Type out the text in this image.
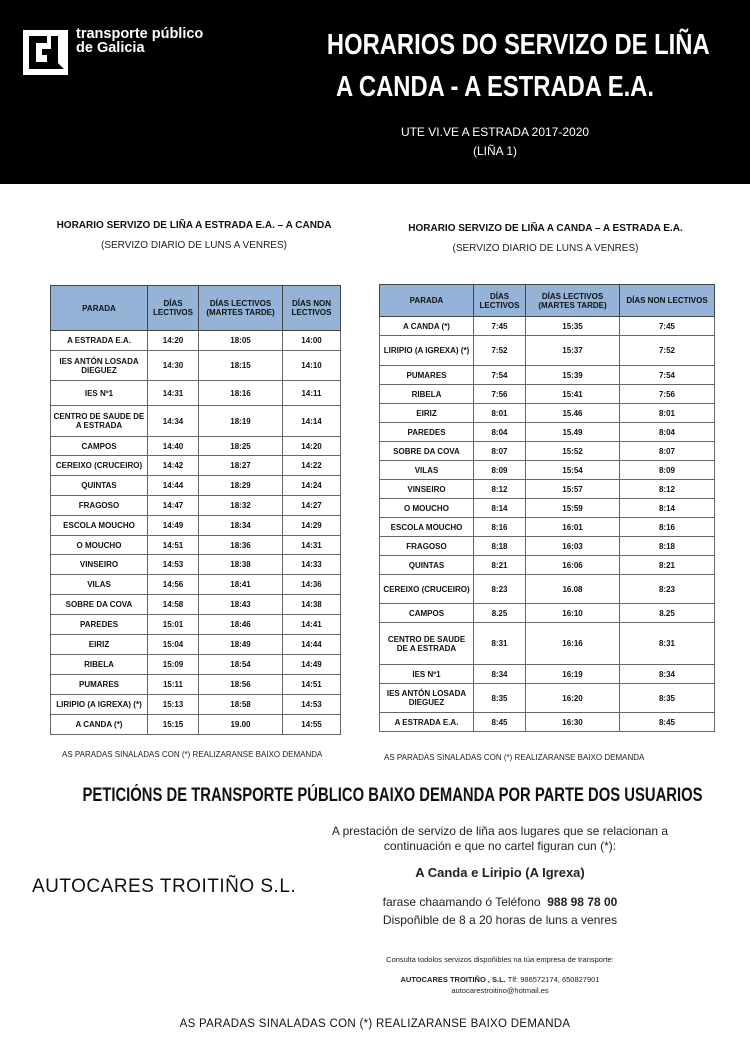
transporte público
de Galicia	HORARIOS DO SERVIZO DE LIÑA
A CANDA - A ESTRADA E.A.
UTE VI.VE A ESTRADA 2017-2020
(LIÑA 1)
HORARIO SERVIZO DE LIÑA A ESTRADA E.A. – A CANDA
(SERVIZO DIARIO DE LUNS A VENRES)
PARADA	DÍAS LECTIVOS	DÍAS LECTIVOS (MARTES TARDE)	DÍAS NON LECTIVOS
A ESTRADA E.A.	14:20	18:05	14:00
IES ANTÓN LOSADA DIEGUEZ	14:30	18:15	14:10
IES Nº1	14:31	18:16	14:11
CENTRO DE SAUDE DE A ESTRADA	14:34	18:19	14:14
CAMPOS	14:40	18:25	14:20
CEREIXO (CRUCEIRO)	14:42	18:27	14:22
QUINTAS	14:44	18:29	14:24
FRAGOSO	14:47	18:32	14:27
ESCOLA MOUCHO	14:49	18:34	14:29
O MOUCHO	14:51	18:36	14:31
VINSEIRO	14:53	18:38	14:33
VILAS	14:56	18:41	14:36
SOBRE DA COVA	14:58	18:43	14:38
PAREDES	15:01	18:46	14:41
EIRIZ	15:04	18:49	14:44
RIBELA	15:09	18:54	14:49
PUMARES	15:11	18:56	14:51
LIRIPIO (A IGREXA) (*)	15:13	18:58	14:53
A CANDA (*)	15:15	19.00	14:55
AS PARADAS SINALADAS CON (*) REALIZARANSE BAIXO DEMANDA
HORARIO SERVIZO DE LIÑA A CANDA – A ESTRADA E.A.
(SERVIZO DIARIO DE LUNS A VENRES)
PARADA	DÍAS LECTIVOS	DÍAS LECTIVOS (MARTES TARDE)	DÍAS NON LECTIVOS
A CANDA (*)	7:45	15:35	7:45
LIRIPIO (A IGREXA) (*)	7:52	15:37	7:52
PUMARES	7:54	15:39	7:54
RIBELA	7:56	15:41	7:56
EIRIZ	8:01	15.46	8:01
PAREDES	8:04	15.49	8:04
SOBRE DA COVA	8:07	15:52	8:07
VILAS	8:09	15:54	8:09
VINSEIRO	8:12	15:57	8:12
O MOUCHO	8:14	15:59	8:14
ESCOLA MOUCHO	8:16	16:01	8:16
FRAGOSO	8:18	16:03	8:18
QUINTAS	8:21	16:06	8:21
CEREIXO (CRUCEIRO)	8:23	16.08	8:23
CAMPOS	8.25	16:10	8.25
CENTRO DE SAUDE DE A ESTRADA	8:31	16:16	8:31
IES Nº1	8:34	16:19	8:34
IES ANTÓN LOSADA DIEGUEZ	8:35	16:20	8:35
A ESTRADA E.A.	8:45	16:30	8:45
AS PARADAS SINALADAS CON (*) REALIZARANSE BAIXO DEMANDA
PETICIÓNS DE TRANSPORTE PÚBLICO BAIXO DEMANDA POR PARTE DOS USUARIOS
AUTOCARES TROITIÑO S.L.
A prestación de servizo de liña aos lugares que se relacionan a continuación e que no cartel figuran cun (*):
A Canda e Liripio (A Igrexa)
farase chaamando ó Teléfono 988 98 78 00
Dispoñible de 8 a 20 horas de luns a venres
Consulta todolos servizos dispoñibles na túa empresa de transporte:
AUTOCARES TROITIÑO , S.L. Tlf: 986572174, 650827901
autocarestroitino@hotmail.es
AS PARADAS SINALADAS CON (*) REALIZARANSE BAIXO DEMANDA
